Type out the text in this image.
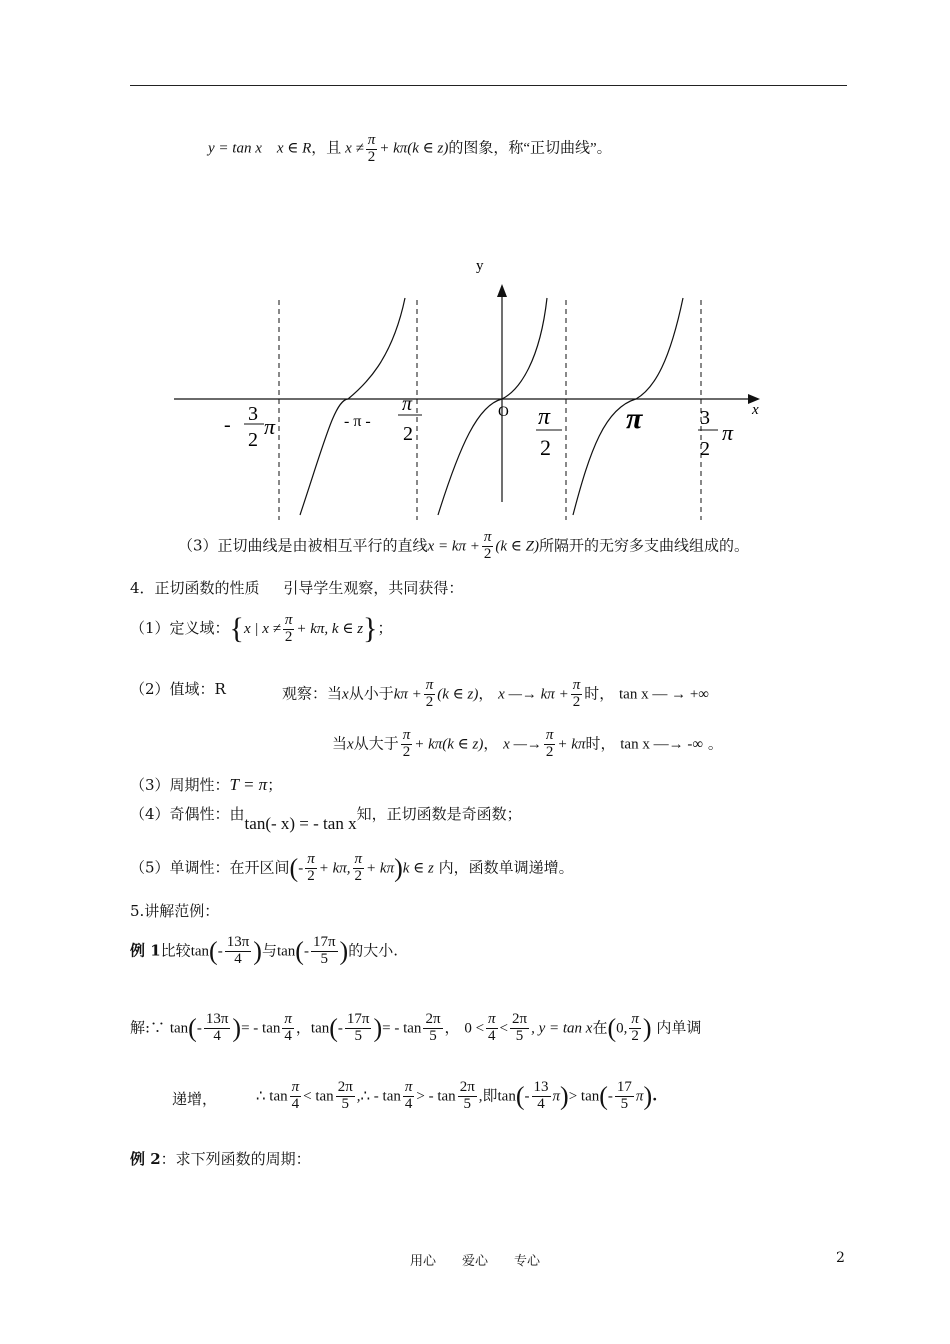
y = tan x x ∈ R，且 $x \ne \frac{\pi}{2} + k\pi(k$ ∈ z)的图象，称“正切曲线”。
y
x
O
- 3
2
π	- π -
π
2
π
2
π	3
2
π
（3）正切曲线是由被相互平行的直线$x = k\pi + \frac{\pi}{2} (k$ ∈ Z)所隔开的无穷多支曲线组成的。
4．正切函数的性质 引导学生观察，共同获得：
（1）定义域：{x | $x \ne \frac{\pi}{2} + k\pi$, k ∈ z}；
（2）值域：R	观察：当x从小于$k\pi + \frac{\pi}{2} (k$ ∈ z)， x —→ $k\pi + \frac{\pi}{2}$ 时， tan x — → +∞
当x从大于 $\frac{\pi}{2} + k\pi(k$ ∈ z)， x —→ $\frac{\pi}{2} + k\pi$时， tan x —→ -∞ 。
（3）周期性：T = π；
（4）奇偶性：由tan(- x) = - tan x知，正切函数是奇函数；
（5）单调性：在开区间(- $\frac{\pi}{2} + k\pi$, $\frac{\pi}{2} + k\pi)k$ ∈ z 内，函数单调递增。
5.讲解范例：
例 1比较$\tan(- \frac{13\pi}{4}$ )与$\tan(- \frac{17\pi}{5}$ )的大小.
解:∵ $\tan(- \frac{13\pi}{4}$ )= - $\tan \frac{\pi}{4}$ ，$\tan(- \frac{17\pi}{5}$ )= - $\tan \frac{2\pi}{5}$ ， $0 < \frac{\pi}{4} < \frac{2\pi}{5}$ , y = tan x在(0, $\frac{\pi}{2}$ ) 内单调
递增，	∴ $\tan \frac{\pi}{4} < \tan \frac{2\pi}{5}$ ,∴ - $\tan \frac{\pi}{4}$ > - $\tan \frac{2\pi}{5}$ ,即$\tan(- \frac{13}{4} \pi)> \tan(- \frac{17}{5} \pi)$.
例 2：求下列函数的周期：
用心　　爱心　　专心	2
